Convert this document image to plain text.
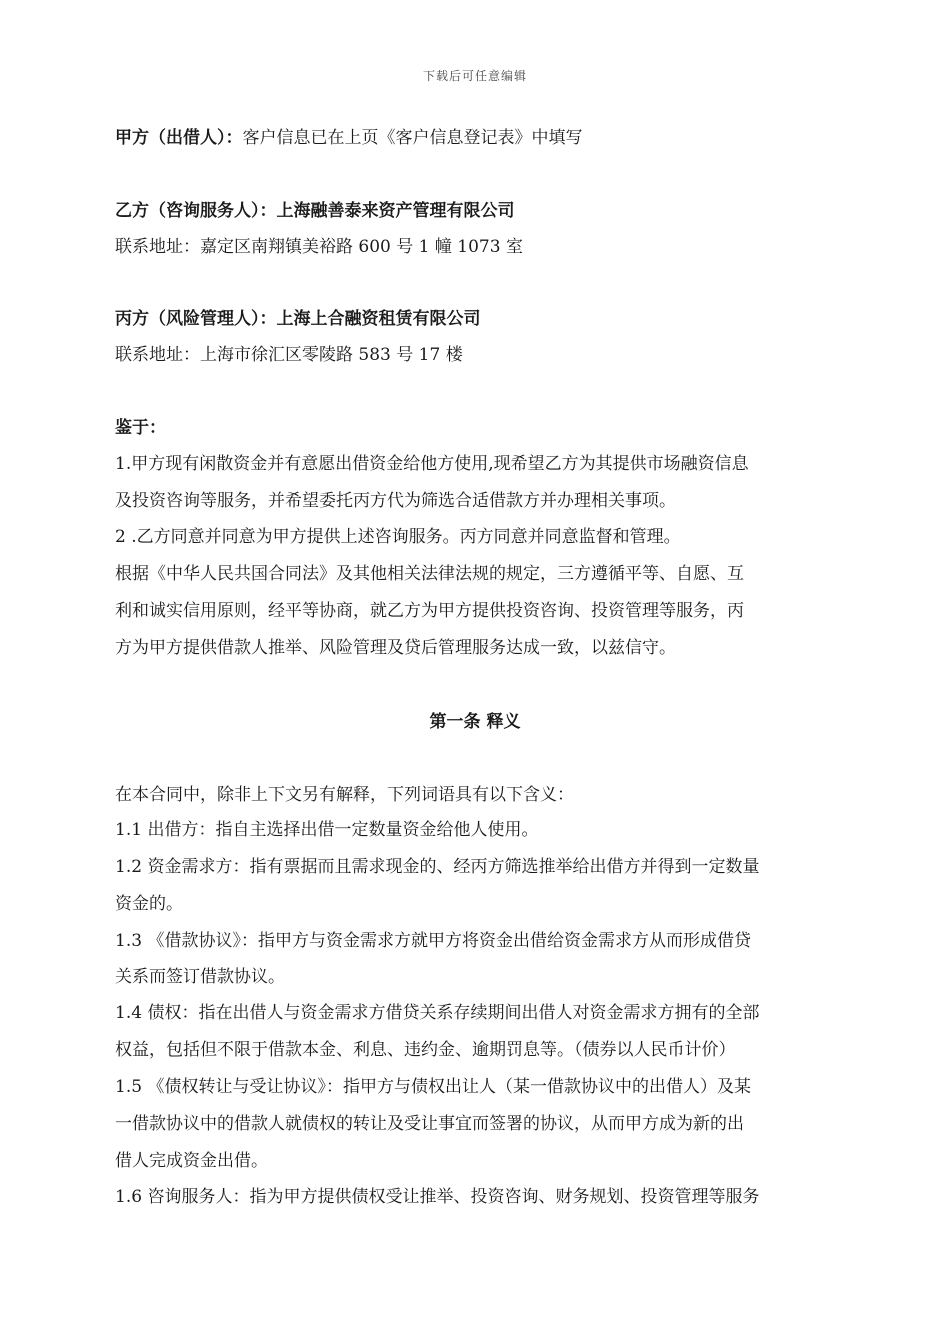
下载后可任意编辑
甲方（出借人）：客户信息已在上页《客户信息登记表》中填写
乙方（咨询服务人）：上海融善泰来资产管理有限公司
联系地址：嘉定区南翔镇美裕路 600 号 1 幢 1073 室
丙方（风险管理人）：上海上合融资租赁有限公司
联系地址：上海市徐汇区零陵路 583 号 17 楼
鉴于：
1.甲方现有闲散资金并有意愿出借资金给他方使用,现希望乙方为其提供市场融资信息
及投资咨询等服务，并希望委托丙方代为筛选合适借款方并办理相关事项。
2 .乙方同意并同意为甲方提供上述咨询服务。丙方同意并同意监督和管理。
根据《中华人民共国合同法》及其他相关法律法规的规定，三方遵循平等、自愿、互
利和诚实信用原则，经平等协商，就乙方为甲方提供投资咨询、投资管理等服务，丙
方为甲方提供借款人推举、风险管理及贷后管理服务达成一致，以兹信守。
第一条 释义
在本合同中，除非上下文另有解释，下列词语具有以下含义：
1.1 出借方：指自主选择出借一定数量资金给他人使用。
1.2 资金需求方：指有票据而且需求现金的、经丙方筛选推举给出借方并得到一定数量
资金的。
1.3 《借款协议》：指甲方与资金需求方就甲方将资金出借给资金需求方从而形成借贷
关系而签订借款协议。
1.4 债权：指在出借人与资金需求方借贷关系存续期间出借人对资金需求方拥有的全部
权益，包括但不限于借款本金、利息、违约金、逾期罚息等。（债券以人民币计价）
1.5 《债权转让与受让协议》：指甲方与债权出让人（某一借款协议中的出借人）及某
一借款协议中的借款人就债权的转让及受让事宜而签署的协议，从而甲方成为新的出
借人完成资金出借。
1.6 咨询服务人：指为甲方提供债权受让推举、投资咨询、财务规划、投资管理等服务
